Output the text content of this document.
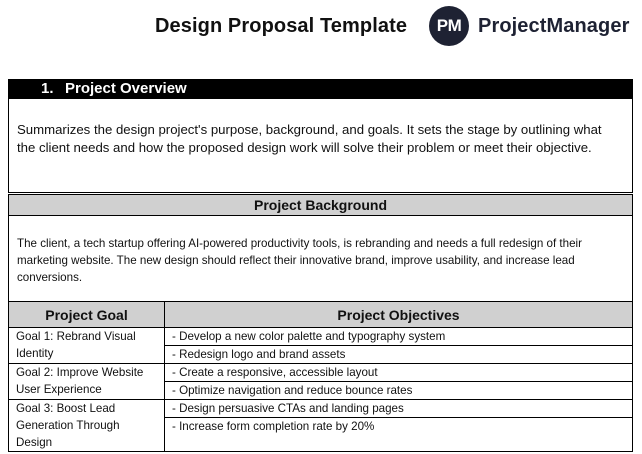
Design Proposal Template	PM ProjectManager
1. Project Overview

Summarizes the design project's purpose, background, and goals. It sets the stage by outlining what the client needs and how the proposed design work will solve their problem or meet their objective.

Project Background

The client, a tech startup offering AI-powered productivity tools, is rebranding and needs a full redesign of their marketing website. The new design should reflect their innovative brand, improve usability, and increase lead conversions.

Project Goal	Project Objectives
Goal 1: Rebrand Visual Identity	- Develop a new color palette and typography system
	- Redesign logo and brand assets
Goal 2: Improve Website User Experience	- Create a responsive, accessible layout
	- Optimize navigation and reduce bounce rates
Goal 3: Boost Lead Generation Through Design	- Design persuasive CTAs and landing pages
	- Increase form completion rate by 20%
